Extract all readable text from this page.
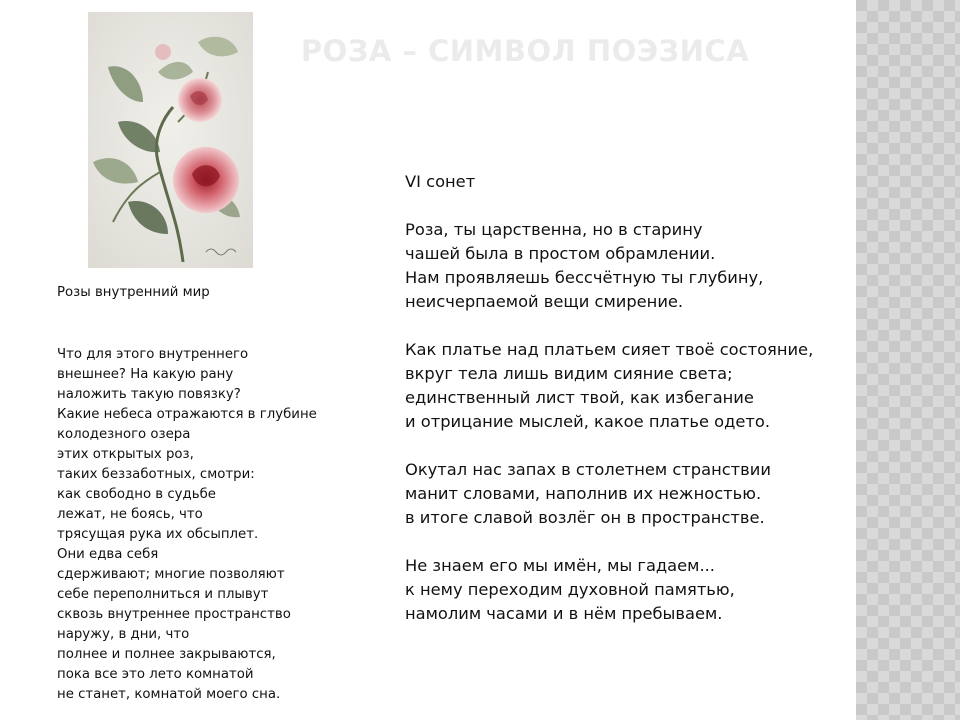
РОЗА – СИМВОЛ ПОЭЗИСА

Розы внутренний мир

Что для этого внутреннего
внешнее? На какую рану
наложить такую повязку?
Какие небеса отражаются в глубине
колодезного озера
этих открытых роз,
таких беззаботных, смотри:
как свободно в судьбе
лежат, не боясь, что
трясущая рука их обсыплет.
Они едва себя
сдерживают; многие позволяют
себе переполниться и плывут
сквозь внутреннее пространство
наружу, в дни, что
полнее и полнее закрываются,
пока все это лето комнатой
не станет, комнатой моего сна.

VI сонет

Роза, ты царственна, но в старину
чашей была в простом обрамлении.
Нам проявляешь бессчётную ты глубину,
неисчерпаемой вещи смирение.
Как платье над платьем сияет твоё состояние,
вкруг тела лишь видим сияние света;
единственный лист твой, как избегание
и отрицание мыслей, какое платье одето.
Окутал нас запах в столетнем странствии
манит словами, наполнив их нежностью.
в итоге славой возлёг он в пространстве.
Не знаем его мы имён, мы гадаем...
к нему переходим духовной памятью,
намолим часами и в нём пребываем.
